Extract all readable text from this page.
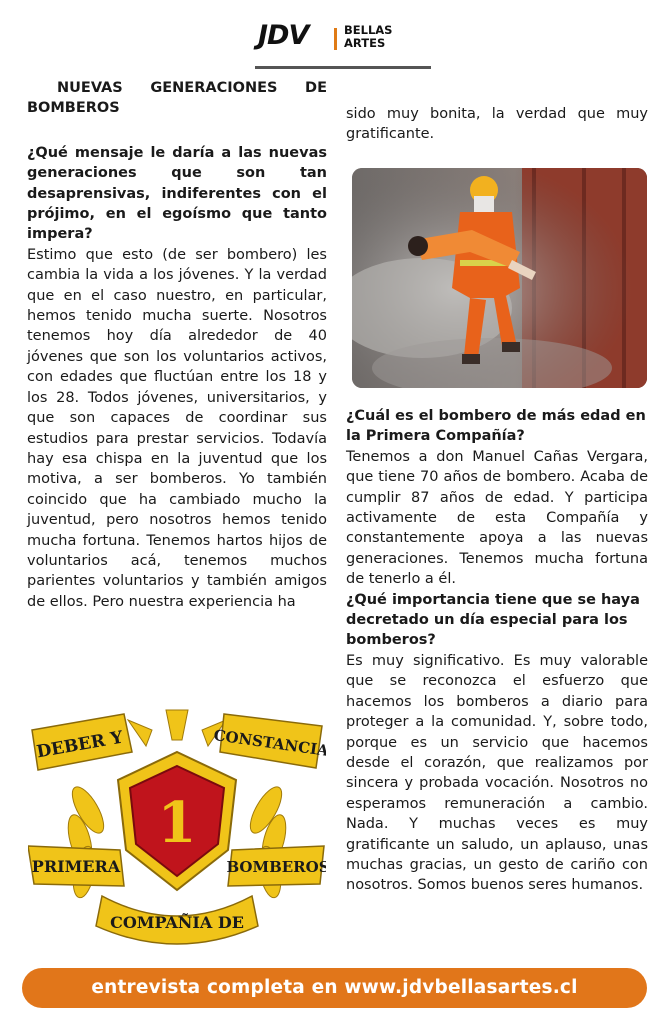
JDV	BELLAS
ARTES

NUEVAS GENERACIONES DE BOMBEROS

¿Qué mensaje le daría a las nuevas generaciones que son tan desaprensivas, indiferentes con el prójimo, en el egoísmo que tanto impera?

Estimo que esto (de ser bombero) les cambia la vida a los jóvenes. Y la verdad que en el caso nuestro, en particular, hemos tenido mucha suerte. Nosotros tenemos hoy día alrededor de 40 jóvenes que son los voluntarios activos, con edades que fluctúan entre los 18 y los 28. Todos jóvenes, universitarios, y que son capaces de coordinar sus estudios para prestar servicios. Todavía hay esa chispa en la juventud que los motiva, a ser bomberos. Yo también coincido que ha cambiado mucho la juventud, pero nosotros hemos tenido mucha fortuna. Tenemos hartos hijos de voluntarios acá, tenemos muchos parientes voluntarios y también amigos de ellos. Pero nuestra experiencia ha

sido muy bonita, la verdad que muy gratificante.

¿Cuál es el bombero de más edad en la Primera Compañía?

Tenemos a don Manuel Cañas Vergara, que tiene 70 años de bombero. Acaba de cumplir 87 años de edad. Y participa activamente de esta Compañía y constantemente apoya a las nuevas generaciones. Tenemos mucha fortuna de tenerlo a él.

¿Qué importancia tiene que se haya decretado un día especial para los bomberos?

Es muy significativo. Es muy valorable que se reconozca el esfuerzo que hacemos los bomberos a diario para proteger a la comunidad. Y, sobre todo, porque es un servicio que hacemos desde el corazón, que realizamos por sincera y probada vocación. Nosotros no esperamos remuneración a cambio. Nada. Y muchas veces es muy gratificante un saludo, un aplauso, unas muchas gracias, un gesto de cariño con nosotros. Somos buenos seres humanos.

1
DEBER Y	CONSTANCIA
PRIMERA	BOMBEROS
COMPAÑIA DE
entrevista completa en www.jdvbellasartes.cl
